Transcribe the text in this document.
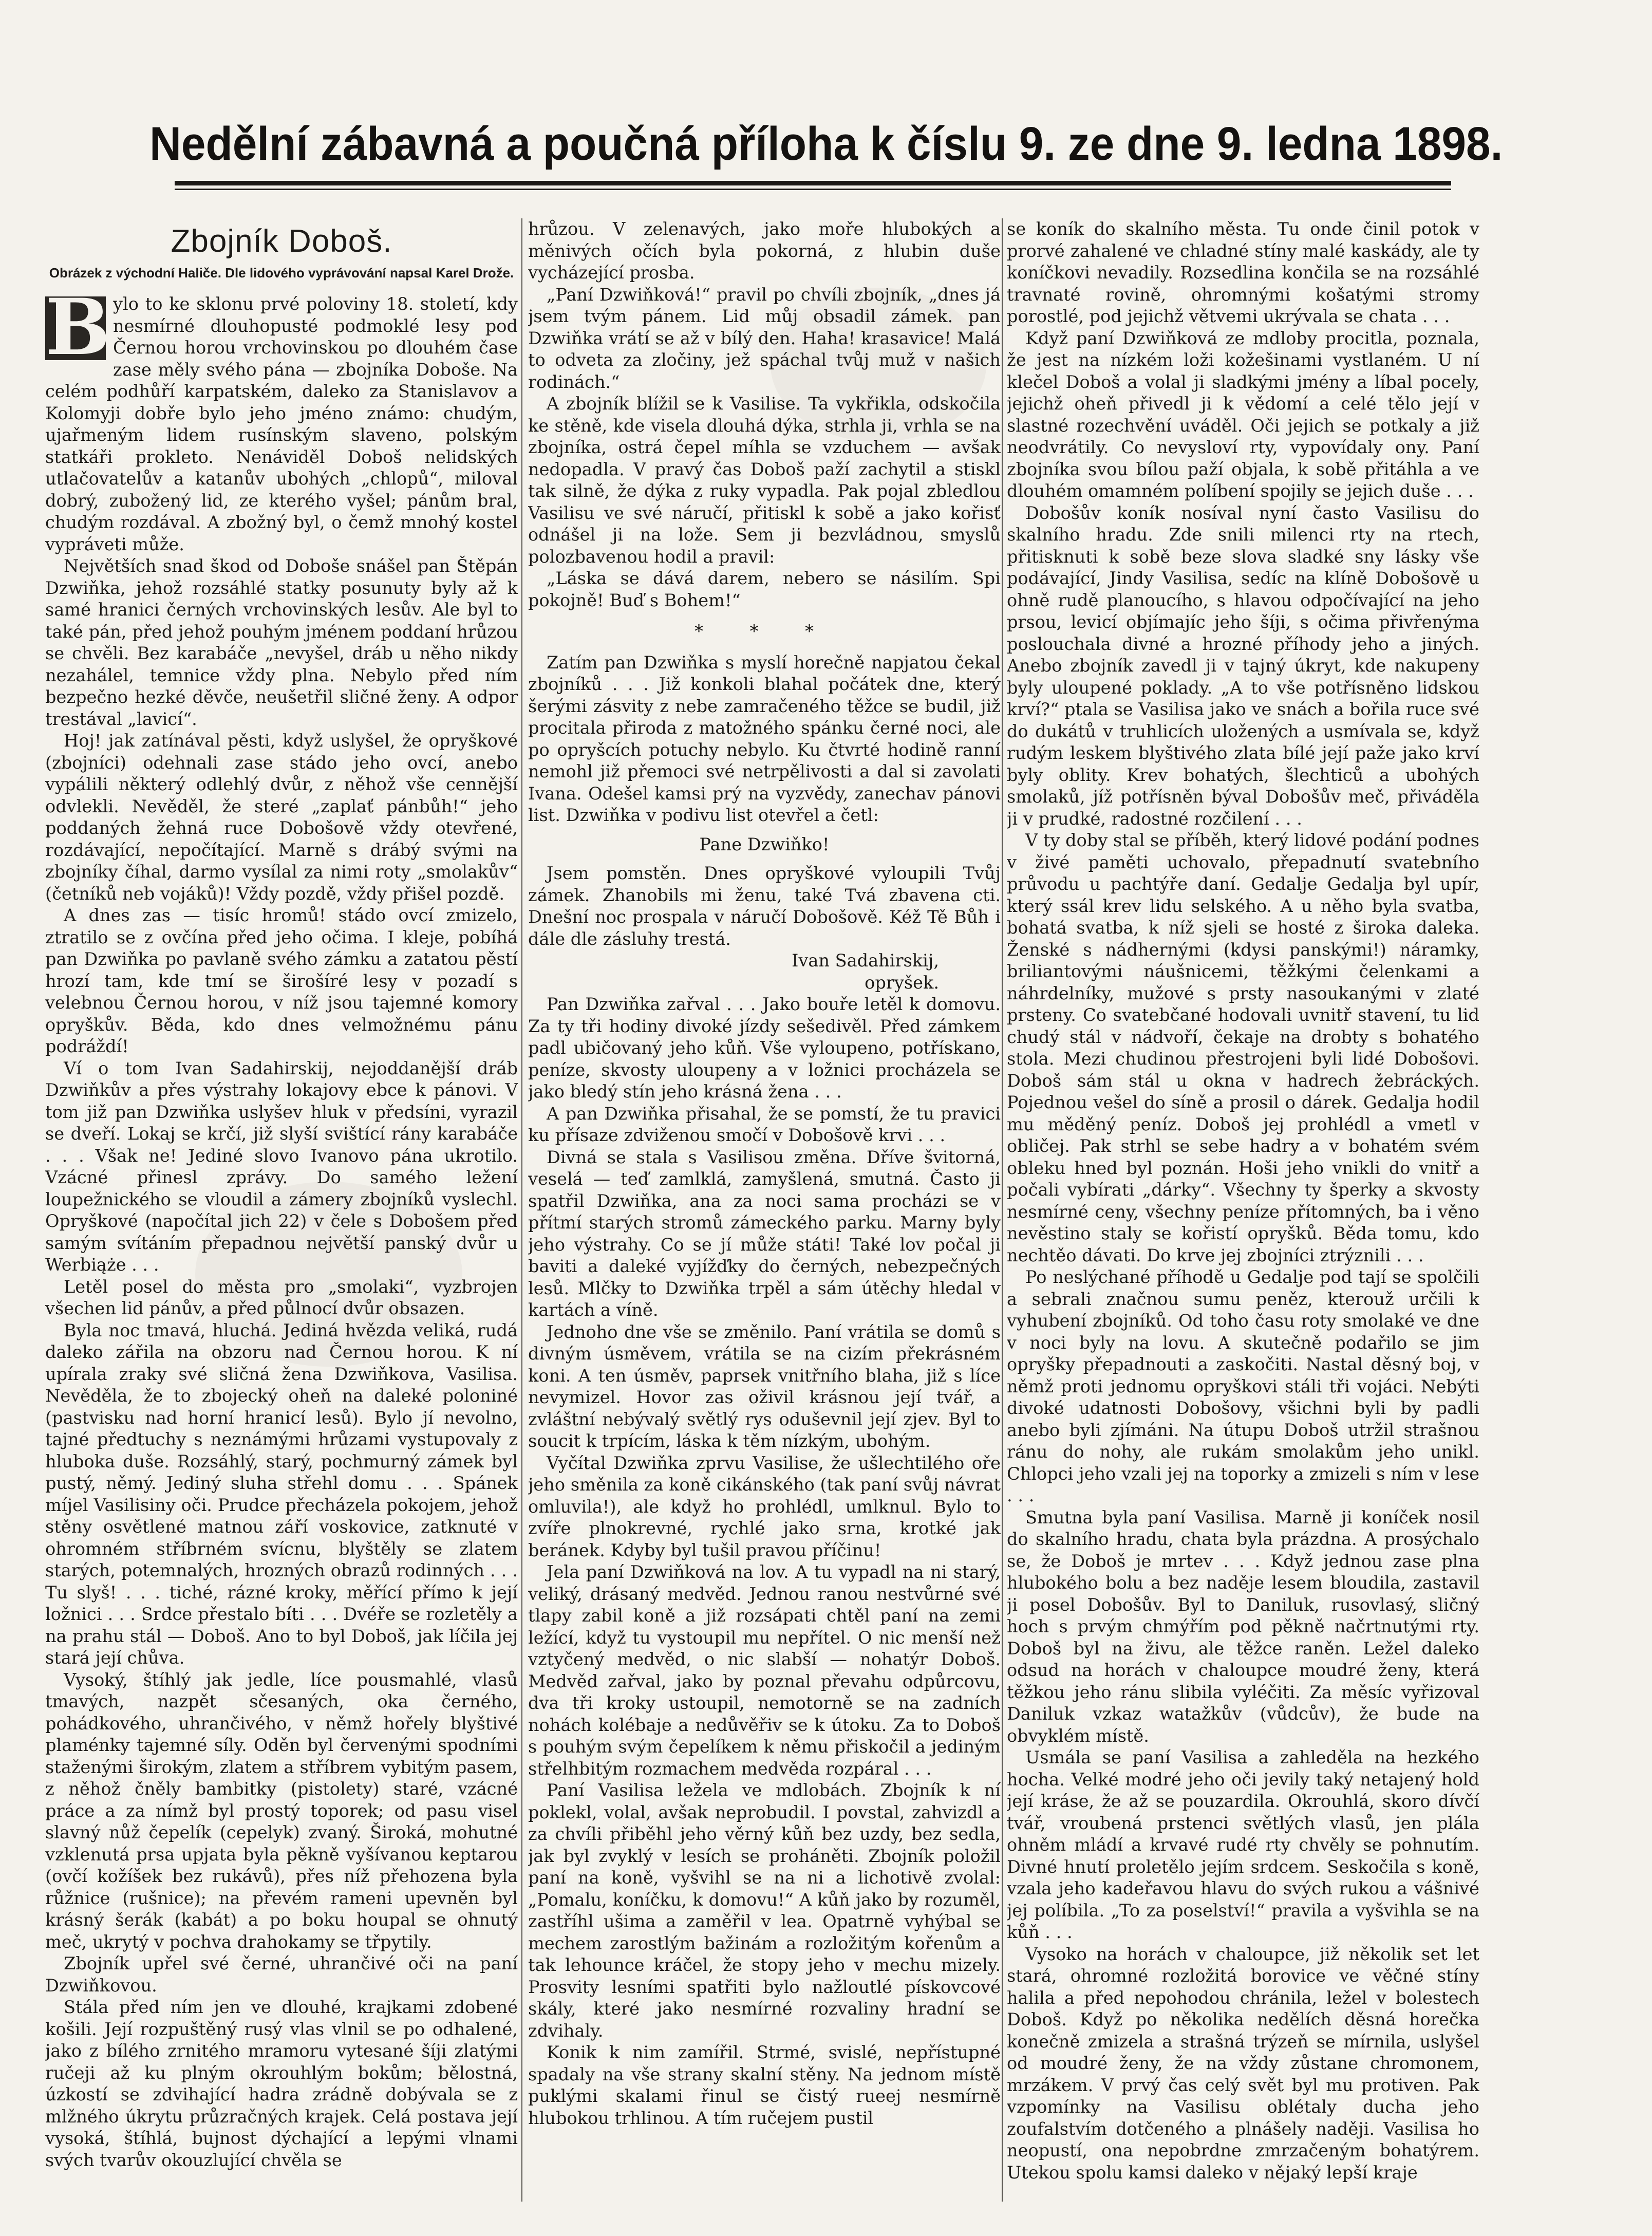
Nedělní zábavná a poučná příloha k číslu 9. ze dne 9. ledna 1898.
Zbojník Doboš.
Obrázek z východní Haliče. Dle lidového vyprávování napsal Karel Drože.

B ylo to ke sklonu prvé poloviny 18. století, kdy nesmírné dlouhopusté podmoklé lesy pod Černou horou vrchovinskou po dlouhém čase zase měly svého pána — zbojníka Doboše. Na celém podhůří karpatském, daleko za Stanislavov a Kolomyji dobře bylo jeho jméno známo: chudým, ujařmeným lidem rusínským slaveno, polským statkáři prokleto. Nenáviděl Doboš nelidských utlačovatelův a katanův ubohých „chlopů“, miloval dobrý, zubožený lid, ze kterého vyšel; pánům bral, chudým rozdával. A zbožný byl, o čemž mnohý kostel vypráveti může.

Největších snad škod od Doboše snášel pan Štěpán Dzwiňka, jehož rozsáhlé statky posunuty byly až k samé hranici černých vrchovinských lesův. Ale byl to také pán, před jehož pouhým jménem poddaní hrůzou se chvěli. Bez karabáče „nevyšel, dráb u něho nikdy nezahálel, temnice vždy plna. Nebylo před ním bezpečno hezké děvče, neušetřil sličné ženy. A odpor trestával „lavicí“.

Hoj! jak zatínával pěsti, když uslyšel, že opryškové (zbojníci) odehnali zase stádo jeho ovcí, anebo vypálili některý odlehlý dvůr, z něhož vše cennější odvlekli. Nevěděl, že steré „zaplať pánbůh!“ jeho poddaných žehná ruce Dobošově vždy otevřené, rozdávající, nepočítající. Marně s drábý svými na zbojníky číhal, darmo vysílal za nimi roty „smolakův“ (četníků neb vojáků)! Vždy pozdě, vždy přišel pozdě.

A dnes zas — tisíc hromů! stádo ovcí zmizelo, ztratilo se z ovčína před jeho očima. I kleje, pobíhá pan Dzwiňka po pavlaně svého zámku a zatatou pěstí hrozí tam, kde tmí se širošíré lesy v pozadí s velebnou Černou horou, v níž jsou tajemné komory opryškův. Běda, kdo dnes velmožnému pánu podráždí!

Ví o tom Ivan Sadahirskij, nejoddanější dráb Dzwiňkův a přes výstrahy lokajovy ebce k pánovi. V tom již pan Dzwiňka uslyšev hluk v předsíni, vyrazil se dveří. Lokaj se krčí, již slyší svištící rány karabáče . . . Však ne! Jediné slovo Ivanovo pána ukrotilo. Vzácné přinesl zprávy. Do samého ležení loupežnického se vloudil a zámery zbojníků vyslechl. Opryškové (napočítal jich 22) v čele s Dobošem před samým svítáním přepadnou největší panský dvůr u Werbiąże . . .

Letěl posel do města pro „smolaki“, vyzbrojen všechen lid pánův, a před půlnocí dvůr obsazen.

Byla noc tmavá, hluchá. Jediná hvězda veliká, rudá daleko zářila na obzoru nad Černou horou. K ní upírala zraky své sličná žena Dzwiňkova, Vasilisa. Nevěděla, že to zbojecký oheň na daleké poloniné (pastvisku nad horní hranicí lesů). Bylo jí nevolno, tajné předtuchy s neznámými hrůzami vystupovaly z hlubokа duše. Rozsáhlý, starý, pochmurný zámek byl pustý, němý. Jediný sluha střehl domu . . . Spánek míjel Vasilisiny oči. Prudce přecházela pokojem, jehož stěny osvětlené matnou září voskovice, zatknuté v ohromném stříbrném svícnu, blyštěly se zlatem starých, potemnalých, hrozných obrazů rodinných . . . Tu slyš! . . . tiché, rázné kroky, měřící přímo k její ložnici . . . Srdce přestalo bíti . . . Dvéře se rozletěly a na prahu stál — Doboš. Ano to byl Doboš, jak líčila jej stará její chůva.

Vysoký, štíhlý jak jedle, líce pousmahlé, vlasů tmavých, nazpět sčesaných, oka černého, pohádkového, uhrančivého, v němž hořely blyštivé plaménky tajemné síly. Oděn byl červenými spodními staženými širokým, zlatem a stříbrem vybitým pasem, z něhož čněly bambitky (pistolety) staré, vzácné práce a za nímž byl prostý toporek; od pasu visel slavný nůž čepelík (cepelyk) zvaný. Široká, mohutné vzklenutá prsa upjata byla pěkně vyšívanou keptarou (ovčí kožíšek bez rukávů), přes níž přehozena byla růžnice (rušnice); na převém rameni upevněn byl krásný šerák (kabát) a po boku houpal se ohnutý meč, ukrytý v pochva drahokamy se třpytily.

Zbojník upřel své černé, uhrančivé oči na paní Dzwiňkovou.

Stála před ním jen ve dlouhé, krajkami zdobené košili. Její rozpuštěný rusý vlas vlnil se po odhalené, jako z bílého zrnitého mramoru vytesané šíji zlatými ručeji až ku plným okrouhlým bokům; bělostná, úzkostí se zdvihající hadra zrádně dobývala se z mlžného úkrytu průzračných krajek. Celá postava její vysoká, štíhlá, bujnost dýchající a lepými vlnami svých tvarův okouzlující chvěla se

hrůzou. V zelenavých, jako moře hlubokých a měnivých očích byla pokorná, z hlubin duše vycházející prosba.

„Paní Dzwiňková!“ pravil po chvíli zbojník, „dnes já jsem tvým pánem. Lid můj obsadil zámek. pan Dzwiňka vrátí se až v bílý den. Haha! krasavice! Malá to odveta za zločiny, jež spáchal tvůj muž v našich rodinách.“

A zbojník blížil se k Vasilise. Ta vykřikla, odskočila ke stěně, kde visela dlouhá dýka, strhla ji, vrhla se na zbojníka, ostrá čepel míhla se vzduchem — avšak nedopadla. V pravý čas Doboš paží zachytil a stiskl tak silně, že dýka z ruky vypadla. Pak pojal zbledlou Vasilisu ve své náručí, přitiskl k sobě a jako kořisť odnášel ji na lože. Sem ji bezvládnou, smyslů polozbavenou hodil a pravil:

„Láska se dává darem, nebero se násilím. Spi pokojně! Buď s Bohem!“

* * *

Zatím pan Dzwiňka s myslí horečně napjatou čekal zbojníků . . . Již konkoli blahal počátek dne, který šerými zásvity z nebe zamračeného těžce se budil, již procitala přiroda z matožného spánku černé noci, ale po opryšcích potuchy nebylo. Ku čtvrté hodině ranní nemohl již přemoci své netrpělivosti a dal si zavolati Ivana. Odešel kamsi prý na vyzvědy, zanechav pánovi list. Dzwiňka v podivu list otevřel a četl:

Pane Dzwiňko!

Jsem pomstěn. Dnes opryškové vyloupili Tvůj zámek. Zhanobils mi ženu, také Tvá zbavena cti. Dnešní noc prospala v náručí Dobošově. Kéž Tě Bůh i dále dle zásluhy trestá.

Ivan Sadahirskij,

opryšek.

Pan Dzwiňka zařval . . . Jako bouře letěl k domovu. Za ty tři hodiny divoké jízdy sešedivěl. Před zámkem padl ubičovaný jeho kůň. Vše vyloupeno, potřískano, peníze, skvosty uloupeny a v ložnici procházela se jako bledý stín jeho krásná žena . . .

A pan Dzwiňka přisahal, že se pomstí, že tu pravici ku přísaze zdviženou smočí v Dobošově krvi . . .

Divná se stala s Vasilisou změna. Dříve švitorná, veselá — teď zamlklá, zamyšlená, smutná. Často ji spatřil Dzwiňka, ana za noci sama procházi se v přítmí starých stromů zámeckého parku. Marny byly jeho výstrahy. Co se jí může státi! Také lov počal ji baviti a daleké vyjížďky do černých, nebezpečných lesů. Mlčky to Dzwiňka trpěl a sám útěchy hledal v kartách a víně.

Jednoho dne vše se změnilo. Paní vrátila se domů s divným úsměvem, vrátila se na cizím překrásném koni. A ten úsměv, paprsek vnitřního blaha, již s líce nevymizel. Hovor zas oživil krásnou její tvář, a zvláštní nebývalý světlý rys oduševnil její zjev. Byl to soucit k trpícím, láska k těm nízkým, ubohým.

Vyčítal Dzwiňka zprvu Vasilise, že ušlechtilého oře jeho směnila za koně cikánského (tak paní svůj návrat omluvila!), ale když ho prohlédl, umlknul. Bylo to zvíře plnokrevné, rychlé jako srna, krotké jak beránek. Kdyby byl tušil pravou příčinu!

Jela paní Dzwiňková na lov. A tu vypadl na ni starý, veliký, drásaný medvěd. Jednou ranou nestvůrné své tlapy zabil koně a již rozsápati chtěl paní na zemi ležící, když tu vystoupil mu nepřítel. O nic menší než vztyčený medvěd, o nic slabší — nohatýr Doboš. Medvěd zařval, jako by poznal převahu odpůrcovu, dva tři kroky ustoupil, nemotorně se na zadních nohách kolébaje a nedůvěřiv se k útoku. Za to Doboš s pouhým svým čepelíkem k němu přiskočil a jediným střelhbitým rozmachem medvěda rozpáral . . .

Paní Vasilisa ležela ve mdlobách. Zbojník k ní poklekl, volal, avšak neprobudil. I povstal, zahvizdl a za chvíli přiběhl jeho věrný kůň bez uzdy, bez sedla, jak byl zvyklý v lesích se proháněti. Zbojník položil paní na koně, vyšvihl se na ni a lichotivě zvolal: „Pomalu, koníčku, k domovu!“ A kůň jako by rozuměl, zastříhl ušima a zaměřil v lea. Opatrně vyhýbal se mechem zarostlým bažinám a rozložitým kořenům a tak lehounce kráčel, že stopy jeho v mechu mizely. Prosvity lesními spatřiti bylo nažloutlé pískovcové skály, které jako nesmírné rozvaliny hradní se zdvihaly.

Konik k nim zamířil. Strmé, svislé, nepřístupné spadaly na vše strany skalní stěny. Na jednom místě puklými skalami řinul se čistý rueej nesmírně hlubokou trhlinou. A tím ručejem pustil

se koník do skalního města. Tu onde činil potok v prorvé zahalené ve chladné stíny malé kaskády, ale ty koníčkovi nevadily. Rozsedlina končila se na rozsáhlé travnaté rovině, ohromnými košatými stromy porostlé, pod jejichž větvemi ukrývala se chata . . .

Když paní Dzwiňková ze mdloby procitla, poznala, že jest na nízkém loži kožešinami vystlaném. U ní klečel Doboš a volal ji sladkými jmény a líbal pocely, jejichž oheň přivedl ji k vědomí a celé tělo její v slastné rozechvění uváděl. Oči jejich se potkaly a již neodvrátily. Co nevysloví rty, vypovídaly ony. Paní zbojníka svou bílou paží objala, k sobě přitáhla a ve dlouhém omamném políbení spojily se jejich duše . . .

Dobošův koník nosíval nyní často Vasilisu do skalního hradu. Zde snili milenci rty na rtech, přitisknuti k sobě beze slova sladké sny lásky vše podávající, Jindy Vasilisa, sedíc na klíně Dobošově u ohně rudě planoucího, s hlavou odpočívající na jeho prsou, levicí objímajíc jeho šíji, s očima přivřenýma poslouchala divné a hrozné příhody jeho a jiných. Anebo zbojník zavedl ji v tajný úkryt, kde nakupeny byly uloupené poklady. „A to vše potřísněno lidskou krví?“ ptala se Vasilisa jako ve snách a bořila ruce své do dukátů v truhlicích uložených a usmívala se, když rudým leskem blyštivého zlata bílé její paže jako krví byly oblity. Krev bohatých, šlechticů a ubohých smolaků, jíž potřísněn býval Dobošův meč, přiváděla ji v prudké, radostné rozčilení . . .

V ty doby stal se příběh, který lidové podání podnes v živé paměti uchovalo, přepadnutí svatebního průvodu u pachtýře daní. Gedalje Gedalja byl upír, který ssál krev lidu selského. A u něho byla svatba, bohatá svatba, k níž sjeli se hosté z široka daleka. Ženské s nádhernými (kdysi panskými!) náramky, briliantovými náušnicemi, těžkými čelenkami a náhrdelníky, mužové s prsty nasoukanými v zlaté prsteny. Co svatebčané hodovali uvnitř stavení, tu lid chudý stál v nádvoří, čekaje na drobty s bohatého stola. Mezi chudinou přestrojeni byli lidé Dobošovi. Doboš sám stál u okna v hadrech žebráckých. Pojednou vešel do síně a prosil o dárek. Gedalja hodil mu měděný peníz. Doboš jej prohlédl a vmetl v obličej. Pak strhl se sebe hadry a v bohatém svém obleku hned byl poznán. Hoši jeho vnikli do vnitř a počali vybírati „dárky“. Všechny ty šperky a skvosty nesmírné ceny, všechny peníze přítomných, ba i věno nevěstino staly se kořistí opryšků. Běda tomu, kdo nechtěo dávati. Do krve jej zbojníci ztrýznili . . .

Po neslýchané příhodě u Gedalje pod tají se spolčili a sebrali značnou sumu peněz, kterouž určili k vyhubení zbojníků. Od toho času roty smolaké ve dne v noci byly na lovu. A skutečně podařilo se jim opryšky přepadnouti a zaskočiti. Nastal děsný boj, v němž proti jednomu opryškovi stáli tři vojáci. Nebýti divoké udatnosti Dobošovy, všichni byli by padli anebo byli zjímáni. Na útupu Doboš utržil strašnou ránu do nohy, ale rukám smolakům jeho unikl. Chlopci jeho vzali jej na toporky a zmizeli s ním v lese . . .

Smutna byla paní Vasilisa. Marně ji koníček nosil do skalního hradu, chata byla prázdna. A prosýchalo se, že Doboš je mrtev . . . Když jednou zase plna hlubokého bolu a bez naděje lesem bloudila, zastavil ji posel Dobošův. Byl to Daniluk, rusovlasý, sličný hoch s prvým chmýřím pod pěkně načrtnutými rty. Doboš byl na živu, ale těžce raněn. Ležel daleko odsud na horách v chaloupce moudré ženy, která těžkou jeho ránu slibila vyléčiti. Za měsíc vyřizoval Daniluk vzkaz watažkův (vůdcův), že bude na obvyklém místě.

Usmála se paní Vasilisa a zahleděla na hezkého hocha. Velké modré jeho oči jevily taký netajený hold její kráse, že až se pouzardila. Okrouhlá, skoro dívčí tvář, vroubená prstenci světlých vlasů, jen plála ohněm mládí a krvavé rudé rty chvěly se pohnutím. Divné hnutí proletělo jejím srdcem. Seskočila s koně, vzala jeho kadeřavou hlavu do svých rukou a vášnivé jej políbila. „To za poselství!“ pravila a vyšvihla se na kůň . . .

Vysoko na horách v chaloupce, již několik set let stará, ohromné rozložitá borovice ve věčné stíny halila a před nepohodou chránila, ležel v bolestech Doboš. Když po několika nedělích děsná horečka konečně zmizela a strašná trýzeň se mírnila, uslyšel od moudré ženy, že na vždy zůstane chromonem, mrzákem. V prvý čas celý svět byl mu protiven. Pak vzpomínky na Vasilisu oblétaly ducha jeho zoufalstvím dotčeného a plnášely naději. Vasilisa ho neopustí, ona nepobrdne zmrzačeným bohatýrem. Utekou spolu kamsi daleko v nějaký lepší kraje
